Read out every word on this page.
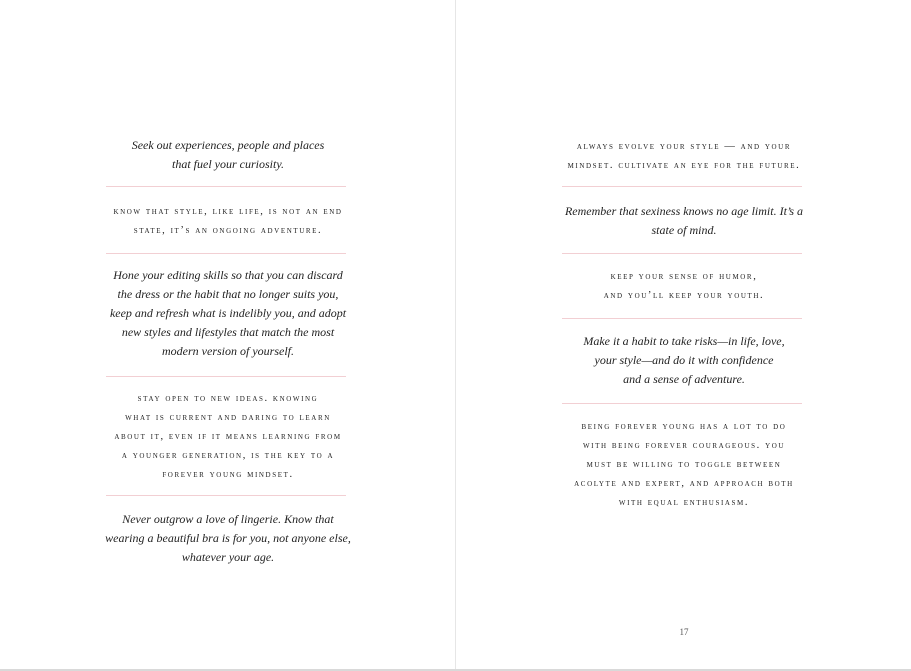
Seek out experiences, people and places
that fuel your curiosity.
know that style, like life, is not an end
state, it’s an ongoing adventure.
Hone your editing skills so that you can discard
the dress or the habit that no longer suits you,
keep and refresh what is indelibly you, and adopt
new styles and lifestyles that match the most
modern version of yourself.
stay open to new ideas. knowing
what is current and daring to learn
about it, even if it means learning from
a younger generation, is the key to a
forever young mindset.
Never outgrow a love of lingerie. Know that
wearing a beautiful bra is for you, not anyone else,
whatever your age.
always evolve your style — and your
mindset. cultivate an eye for the future.
Remember that sexiness knows no age limit. It’s a
state of mind.
keep your sense of humor,
and you’ll keep your youth.
Make it a habit to take risks—in life, love,
your style—and do it with confidence
and a sense of adventure.
being forever young has a lot to do
with being forever courageous. you
must be willing to toggle between
acolyte and expert, and approach both
with equal enthusiasm.
17
